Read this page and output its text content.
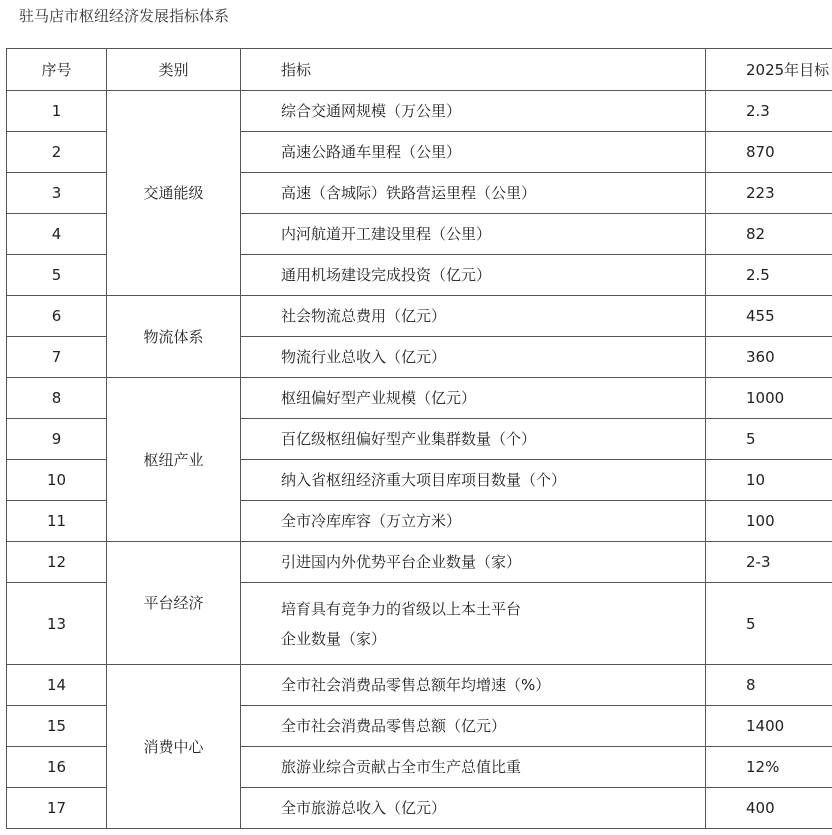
驻马店市枢纽经济发展指标体系
序号	类别	指标	2025年目标
1	交通能级	综合交通网规模（万公里）	2.3
2		高速公路通车里程（公里）	870
3		高速（含城际）铁路营运里程（公里）	223
4		内河航道开工建设里程（公里）	82
5		通用机场建设完成投资（亿元）	2.5
6	物流体系	社会物流总费用（亿元）	455
7		物流行业总收入（亿元）	360
8	枢纽产业	枢纽偏好型产业规模（亿元）	1000
9		百亿级枢纽偏好型产业集群数量（个）	5
10		纳入省枢纽经济重大项目库项目数量（个）	10
11		全市冷库库容（万立方米）	100
12	平台经济	引进国内外优势平台企业数量（家）	2-3
13		培育具有竞争力的省级以上本土平台
企业数量（家）	5
14	消费中心	全市社会消费品零售总额年均增速（%）	8
15		全市社会消费品零售总额（亿元）	1400
16		旅游业综合贡献占全市生产总值比重	12%
17		全市旅游总收入（亿元）	400
